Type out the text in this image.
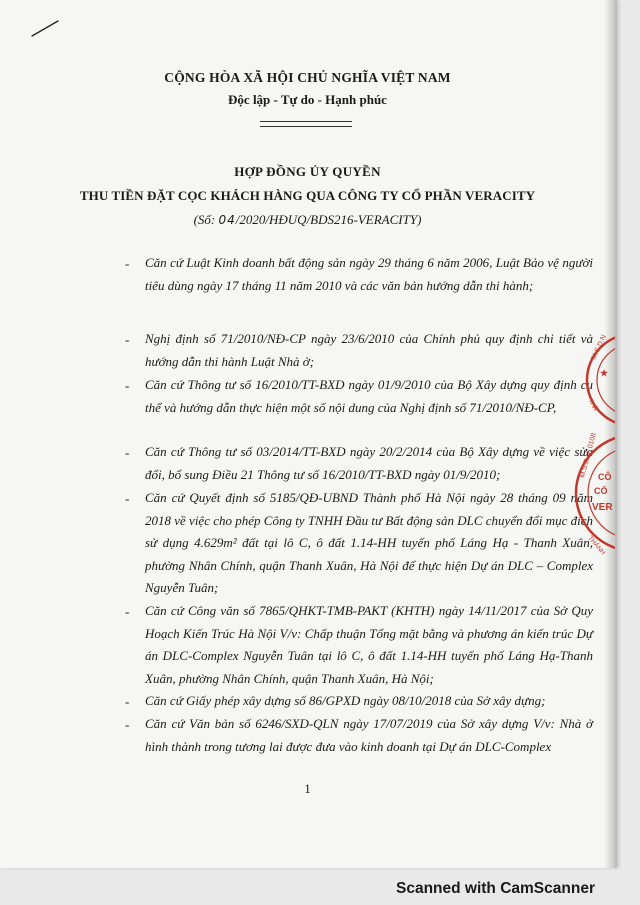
CỘNG HÒA XÃ HỘI CHỦ NGHĨA VIỆT NAM
Độc lập - Tự do - Hạnh phúc
HỢP ĐỒNG ỦY QUYỀN
THU TIỀN ĐẶT CỌC KHÁCH HÀNG QUA CÔNG TY CỔ PHẦN VERACITY
(Số: 04/2020/HĐUQ/BDS216-VERACITY)
- Căn cứ Luật Kinh doanh bất động sản ngày 29 tháng 6 năm 2006, Luật Bảo vệ người tiêu dùng ngày 17 tháng 11 năm 2010 và các văn bản hướng dẫn thi hành;
- Nghị định số 71/2010/NĐ-CP ngày 23/6/2010 của Chính phủ quy định chi tiết và hướng dẫn thi hành Luật Nhà ở;
- Căn cứ Thông tư số 16/2010/TT-BXD ngày 01/9/2010 của Bộ Xây dựng quy định cụ thể và hướng dẫn thực hiện một số nội dung của Nghị định số 71/2010/NĐ-CP,
- Căn cứ Thông tư số 03/2014/TT-BXD ngày 20/2/2014 của Bộ Xây dựng về việc sửa đổi, bổ sung Điều 21 Thông tư số 16/2010/TT-BXD ngày 01/9/2010;
- Căn cứ Quyết định số 5185/QĐ-UBND Thành phố Hà Nội ngày 28 tháng 09 năm 2018 về việc cho phép Công ty TNHH Đầu tư Bất động sản DLC chuyển đổi mục đích sử dụng 4.629m² đất tại lô C, ô đất 1.14-HH tuyến phố Láng Hạ - Thanh Xuân, phường Nhân Chính, quận Thanh Xuân, Hà Nội để thực hiện Dự án DLC – Complex Nguyễn Tuân;
- Căn cứ Công văn số 7865/QHKT-TMB-PAKT (KHTH) ngày 14/11/2017 của Sở Quy Hoạch Kiến Trúc Hà Nội V/v: Chấp thuận Tổng mặt bằng và phương án kiến trúc Dự án DLC-Complex Nguyễn Tuân tại lô C, ô đất 1.14-HH tuyến phố Láng Hạ-Thanh Xuân, phường Nhân Chính, quận Thanh Xuân, Hà Nội;
- Căn cứ Giấy phép xây dựng số 86/GPXD ngày 08/10/2018 của Sở xây dựng;
- Căn cứ Văn bản số 6246/SXD-QLN ngày 17/07/2019 của Sở xây dựng V/v: Nhà ở hình thành trong tương lai được đưa vào kinh doanh tại Dự án DLC-Complex
1
M.S.D.N
THÀ
★
M.S.D.N: 0108 CÔ
CỔ
VER
THÀNH
Scanned with CamScanner
